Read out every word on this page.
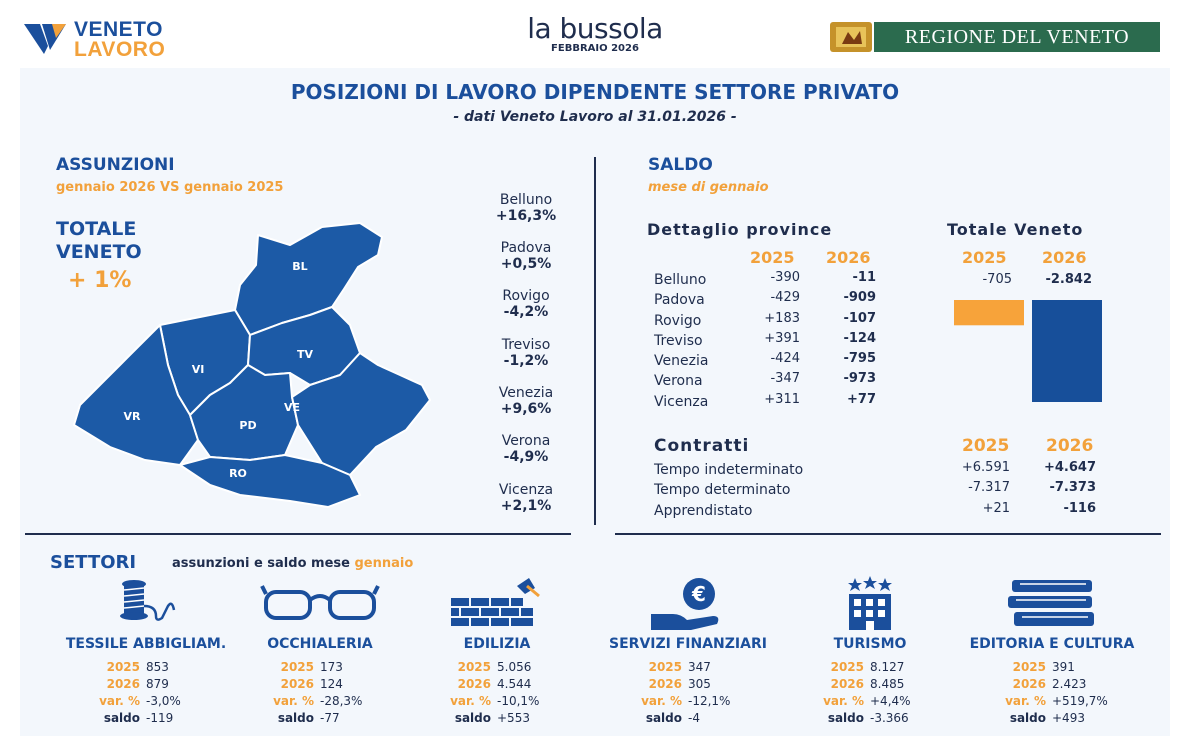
VENETO
LAVORO
la bussola
FEBBRAIO 2026
REGIONE DEL VENETO
POSIZIONI DI LAVORO DIPENDENTE SETTORE PRIVATO
- dati Veneto Lavoro al 31.01.2026 -
ASSUNZIONI
gennaio 2026 VS gennaio 2025
TOTALE
VENETO
+ 1%
BL
VI
TV
VR
PD
VE
RO
Belluno
+16,3%
Padova
+0,5%
Rovigo
-4,2%
Treviso
-1,2%
Venezia
+9,6%
Verona
-4,9%
Vicenza
+2,1%
SALDO
mese di gennaio
Dettaglio province	Totale Veneto
2025 2026	2025 2026
Belluno	-390	-11
Padova	-429	-909
Rovigo	+183	-107
Treviso	+391	-124
Venezia	-424	-795
Verona	-347	-973
Vicenza	+311	+77
-705	-2.842
Contratti	2025 2026
Tempo indeterminato	+6.591	+4.647
Tempo determinato	-7.317	-7.373
Apprendistato	+21	-116
SETTORI	assunzioni e saldo mese gennaio
TESSILE ABBIGLIAM.
2025 853
2026 879
var. % -3,0%
saldo -119
OCCHIALERIA
2025 173
2026 124
var. % -28,3%
saldo -77
EDILIZIA
2025 5.056
2026 4.544
var. % -10,1%
saldo +553
€
SERVIZI FINANZIARI
2025 347
2026 305
var. % -12,1%
saldo -4
TURISMO
2025 8.127
2026 8.485
var. % +4,4%
saldo -3.366
EDITORIA E CULTURA
2025 391
2026 2.423
var. % +519,7%
saldo +493
